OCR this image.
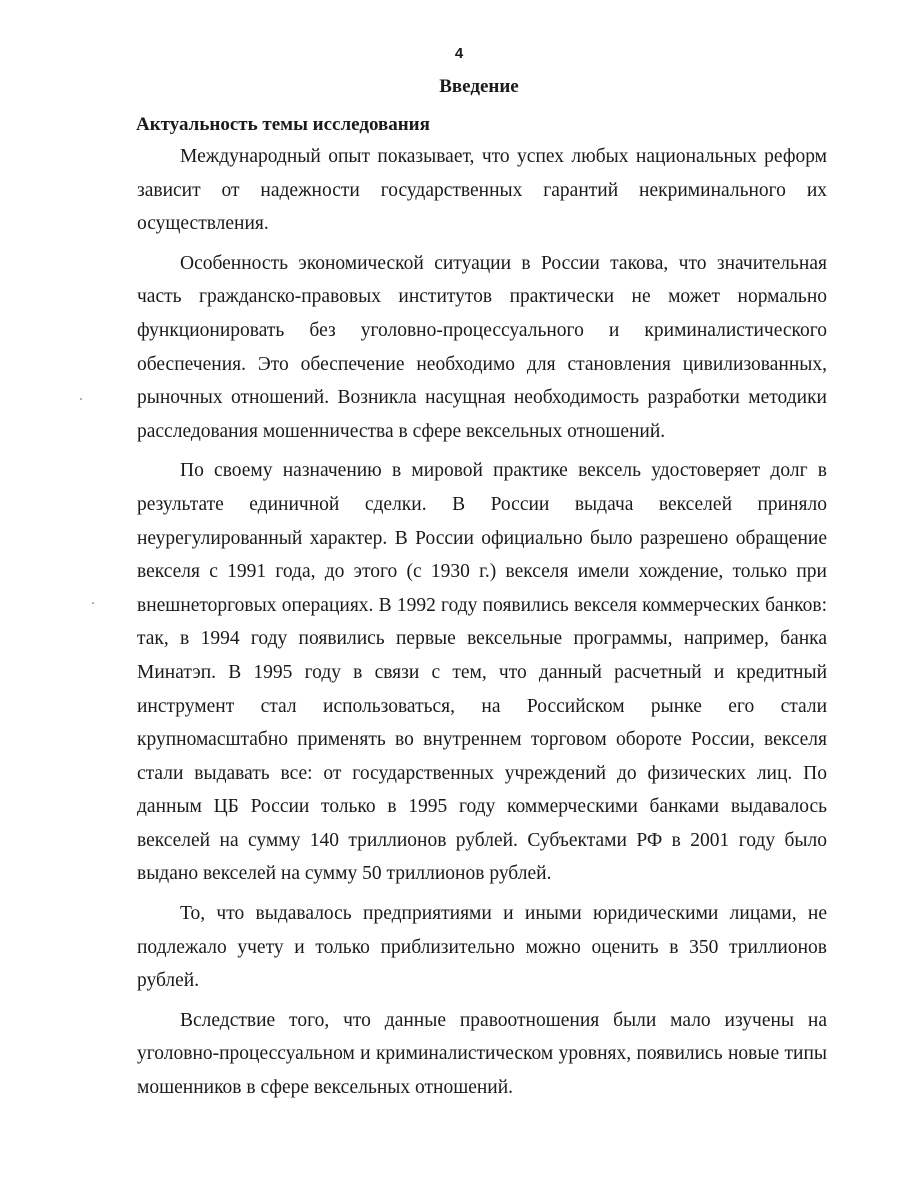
4
Введение
Актуальность темы исследования

Международный опыт показывает, что успех любых национальных реформ зависит от надежности государственных гарантий некриминального их осуществления.

Особенность экономической ситуации в России такова, что значительная часть гражданско-правовых институтов практически не может нормально функционировать без уголовно-процессуального и криминалистического обеспечения. Это обеспечение необходимо для становления цивилизованных, рыночных отношений. Возникла насущная необходимость разработки методики расследования мошенничества в сфере вексельных отношений.

По своему назначению в мировой практике вексель удостоверяет долг в результате единичной сделки. В России выдача векселей приняло неурегулированный характер. В России официально было разрешено обращение векселя с 1991 года, до этого (с 1930 г.) векселя имели хождение, только при внешнеторговых операциях. В 1992 году появились векселя коммерческих банков: так, в 1994 году появились первые вексельные программы, например, банка Минатэп. В 1995 году в связи с тем, что данный расчетный и кредитный инструмент стал использоваться, на Российском рынке его стали крупномасштабно применять во внутреннем торговом обороте России, векселя стали выдавать все: от государственных учреждений до физических лиц. По данным ЦБ России только в 1995 году коммерческими банками выдавалось векселей на сумму 140 триллионов рублей. Субъектами РФ в 2001 году было выдано векселей на сумму 50 триллионов рублей.

То, что выдавалось предприятиями и иными юридическими лицами, не подлежало учету и только приблизительно можно оценить в 350 триллионов рублей.

Вследствие того, что данные правоотношения были мало изучены на уголовно-процессуальном и криминалистическом уровнях, появились новые типы мошенников в сфере вексельных отношений.
